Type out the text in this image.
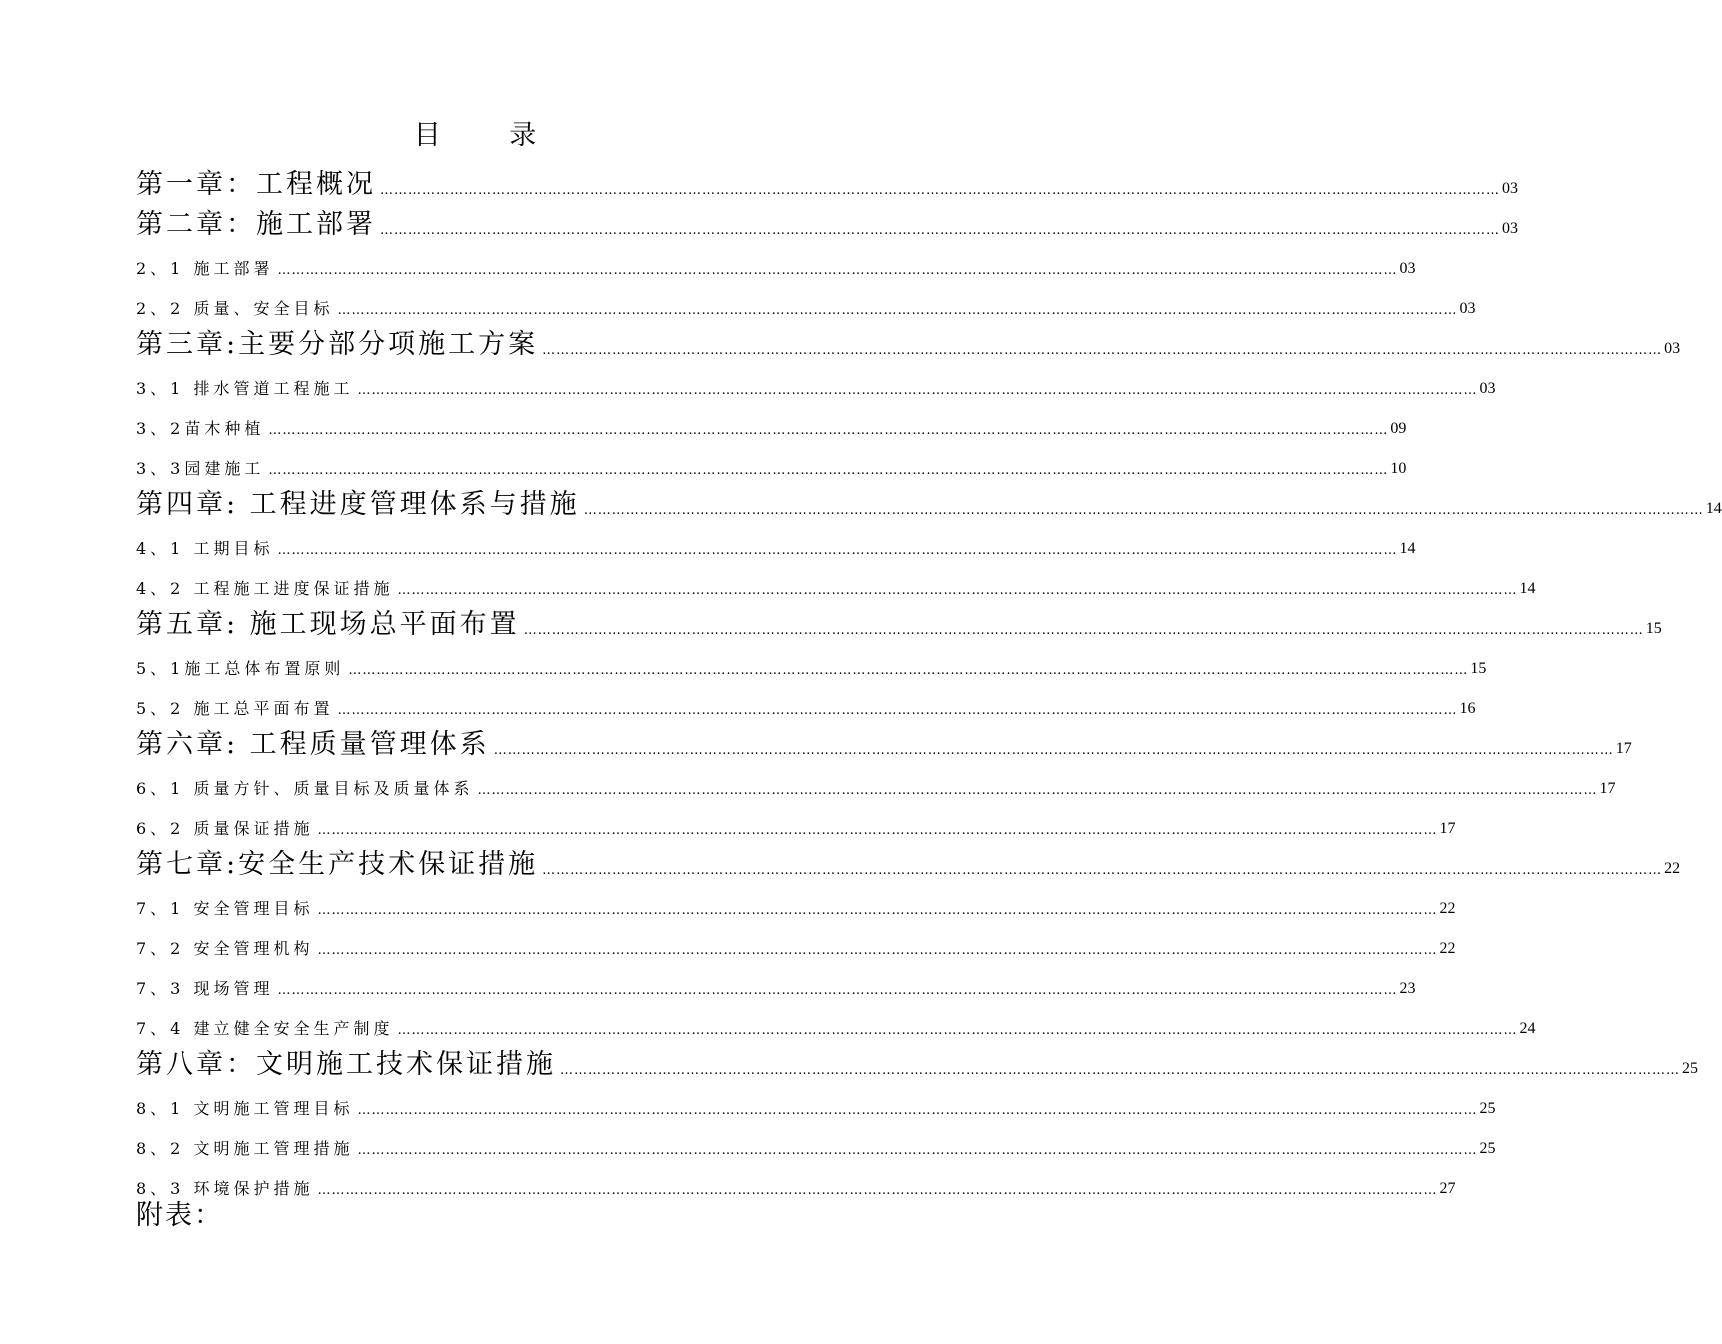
目 录
第一章：工程概况 …………………………………………………………………………………………………………………………………………………………………………………………………………………… 03
第二章：施工部署 …………………………………………………………………………………………………………………………………………………………………………………………………………………… 03
2、1 施工部署 …………………………………………………………………………………………………………………………………………………………………………………………………………………… 03
2、2 质量、安全目标 …………………………………………………………………………………………………………………………………………………………………………………………………………………… 03
第三章:主要分部分项施工方案 …………………………………………………………………………………………………………………………………………………………………………………………………………………… 03
3、1 排水管道工程施工 …………………………………………………………………………………………………………………………………………………………………………………………………………………… 03
3、2苗木种植 …………………………………………………………………………………………………………………………………………………………………………………………………………………… 09
3、3园建施工 …………………………………………………………………………………………………………………………………………………………………………………………………………………… 10
第四章: 工程进度管理体系与措施 …………………………………………………………………………………………………………………………………………………………………………………………………………………… 14
4、1 工期目标 …………………………………………………………………………………………………………………………………………………………………………………………………………………… 14
4、2 工程施工进度保证措施 …………………………………………………………………………………………………………………………………………………………………………………………………………………… 14
第五章: 施工现场总平面布置 …………………………………………………………………………………………………………………………………………………………………………………………………………………… 15
5、1施工总体布置原则 …………………………………………………………………………………………………………………………………………………………………………………………………………………… 15
5、2 施工总平面布置 …………………………………………………………………………………………………………………………………………………………………………………………………………………… 16
第六章: 工程质量管理体系 …………………………………………………………………………………………………………………………………………………………………………………………………………………… 17
6、1 质量方针、质量目标及质量体系 …………………………………………………………………………………………………………………………………………………………………………………………………………………… 17
6、2 质量保证措施 …………………………………………………………………………………………………………………………………………………………………………………………………………………… 17
第七章:安全生产技术保证措施 …………………………………………………………………………………………………………………………………………………………………………………………………………………… 22
7、1 安全管理目标 …………………………………………………………………………………………………………………………………………………………………………………………………………………… 22
7、2 安全管理机构 …………………………………………………………………………………………………………………………………………………………………………………………………………………… 22
7、3 现场管理 …………………………………………………………………………………………………………………………………………………………………………………………………………………… 23
7、4 建立健全安全生产制度 …………………………………………………………………………………………………………………………………………………………………………………………………………………… 24
第八章：文明施工技术保证措施 …………………………………………………………………………………………………………………………………………………………………………………………………………………… 25
8、1 文明施工管理目标 …………………………………………………………………………………………………………………………………………………………………………………………………………………… 25
8、2 文明施工管理措施 …………………………………………………………………………………………………………………………………………………………………………………………………………………… 25
8、3 环境保护措施 …………………………………………………………………………………………………………………………………………………………………………………………………………………… 27
附表：
